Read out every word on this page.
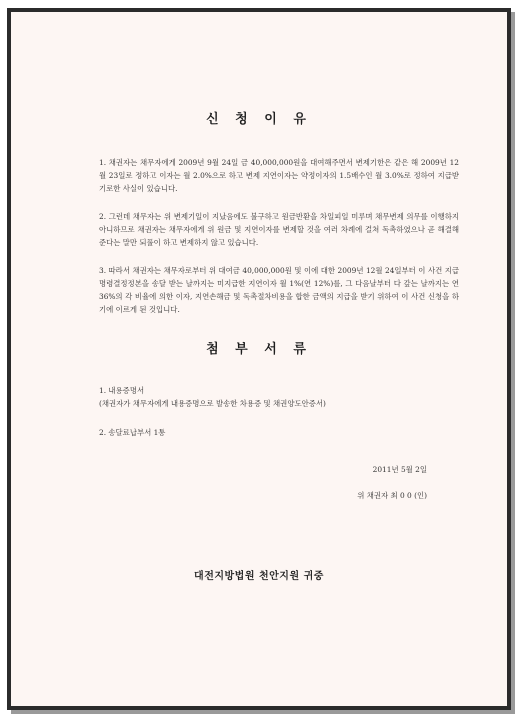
신 청 이 유
1. 채권자는 채무자에게 2009년 9월 24일 금 40,000,000원을 대여해주면서 변제기한은 같은 해 2009년 12월 23일로 정하고 이자는 월 2.0%으로 하고 변제 지연이자는 약정이자의 1.5배수인 월 3.0%로 정하여 지급받기로한 사실이 있습니다.
2. 그런데 채무자는 위 변제기일이 지났음에도 불구하고 원금반환을 차일피일 미루며 채무변제 의무를 이행하지 아니하므로 채권자는 채무자에게 위 원금 및 지연이자를 변제할 것을 여러 차례에 걸쳐 독촉하였으나 곧 해결해 준다는 말만 되풀이 하고 변제하지 않고 있습니다.
3. 따라서 채권자는 채무자로부터 위 대여금 40,000,000원 및 이에 대한 2009년 12월 24일부터 이 사건 지급명령결정정본을 송달 받는 날까지는 미지급한 지연이자 월 1%(연 12%)를, 그 다음날부터 다 갚는 날까지는 연 36%의 각 비율에 의한 이자, 지연손해금 및 독촉절차비용을 합한 금액의 지급을 받기 위하여 이 사건 신청을 하기에 이르게 된 것입니다.
첨 부 서 류
1. 내용증명서
(채권자가 채무자에게 내용증명으로 발송한 차용증 및 채권양도안증서)
2. 송달료납부서 1통
2011년 5월 2일
위 채권자 최 0 0 (인)
대전지방법원 천안지원 귀중
